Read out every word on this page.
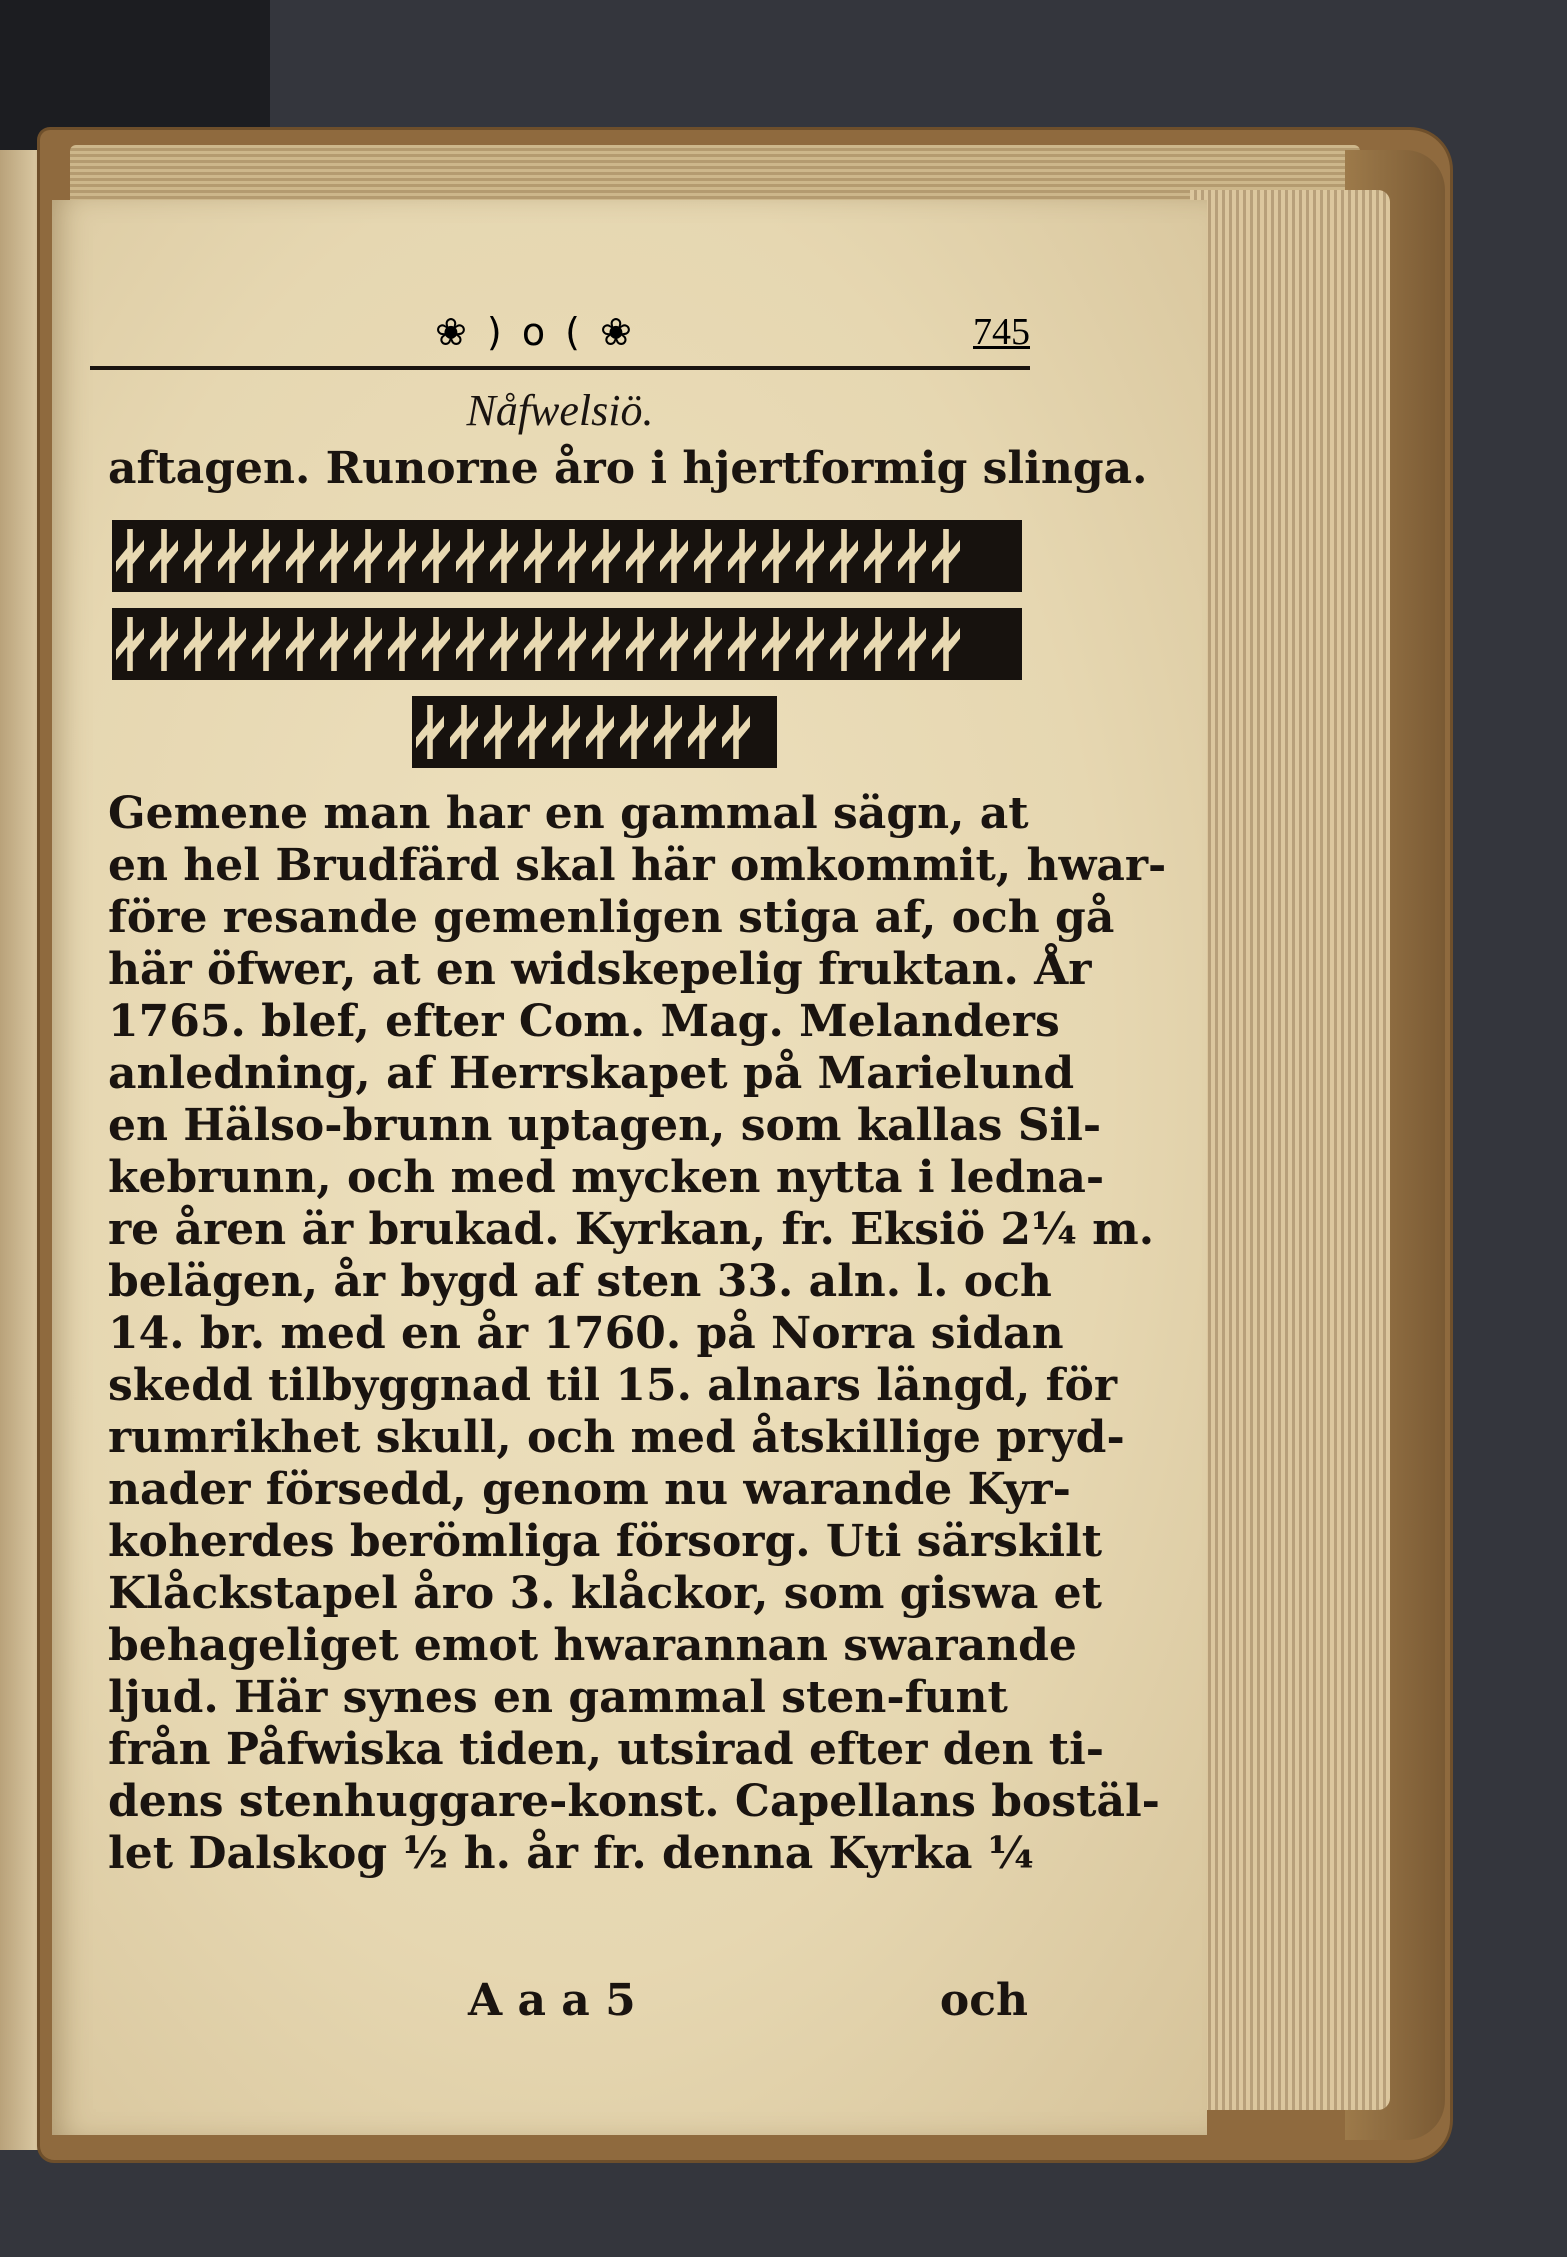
❀ ) o ( ❀	745
Nåfwelsiö.
aftagen. Runorne åro i hjertformig slinga.
Gemene man har en gammal sägn, at
en hel Brudfärd skal här omkommit, hwar-
före resande gemenligen stiga af, och gå
här öfwer, at en widskepelig fruktan. År
1765. blef, efter Com. Mag. Melanders
anledning, af Herrskapet på Marielund
en Hälso-brunn uptagen, som kallas Sil-
kebrunn, och med mycken nytta i ledna-
re åren är brukad. Kyrkan, fr. Eksiö 2¼ m.
belägen, år bygd af sten 33. aln. l. och
14. br. med en år 1760. på Norra sidan
skedd tilbyggnad til 15. alnars längd, för
rumrikhet skull, och med åtskillige pryd-
nader försedd, genom nu warande Kyr-
koherdes berömliga försorg. Uti särskilt
Klåckstapel åro 3. klåckor, som giswa et
behageliget emot hwarannan swarande
ljud. Här synes en gammal sten-funt
från Påfwiska tiden, utsirad efter den ti-
dens stenhuggare-konst. Capellans bostäl-
let Dalskog ½ h. år fr. denna Kyrka ¼
A a a 5	och
